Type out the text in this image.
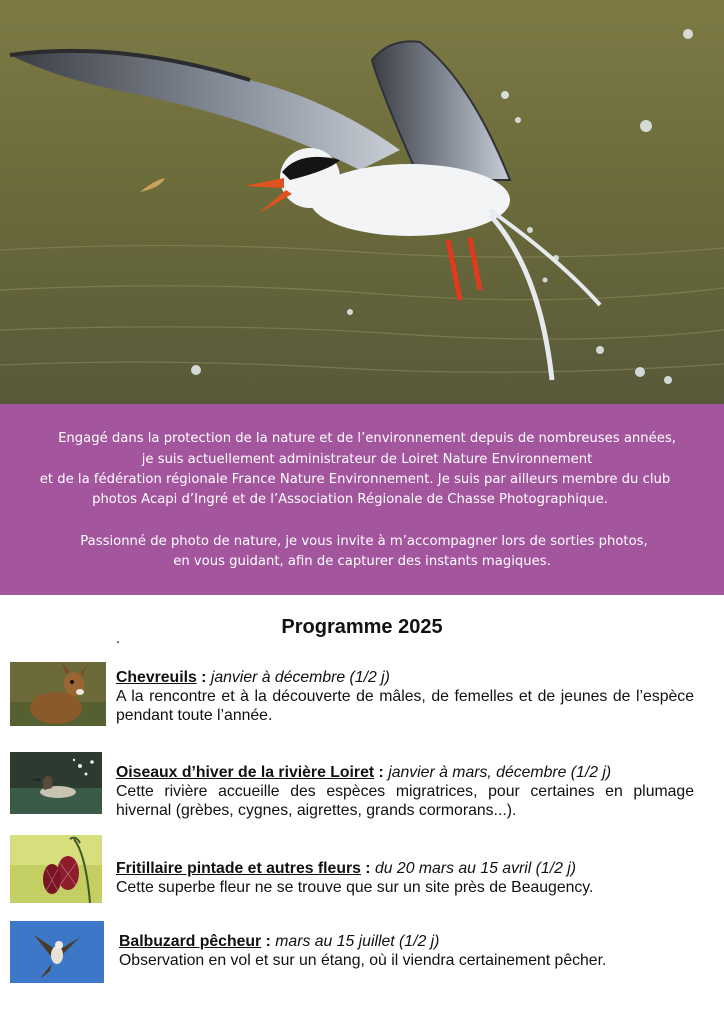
Engagé dans la protection de la nature et de l’environnement depuis de nombreuses années,

je suis actuellement administrateur de Loiret Nature Environnement

et de la fédération régionale France Nature Environnement. Je suis par ailleurs membre du club

photos Acapi d’Ingré et de l’Association Régionale de Chasse Photographique.

Passionné de photo de nature, je vous invite à m’accompagner lors de sorties photos,

en vous guidant, afin de capturer des instants magiques.

Programme 2025
.
Chevreuils : janvier à décembre (1/2 j)
A la rencontre et à la découverte de mâles, de femelles et de jeunes de l’espèce pendant toute l’année.
Oiseaux d’hiver de la rivière Loiret : janvier à mars, décembre (1/2 j)
Cette rivière accueille des espèces migratrices, pour certaines en plumage hivernal (grèbes, cygnes, aigrettes, grands cormorans...).
Fritillaire pintade et autres fleurs : du 20 mars au 15 avril (1/2 j)
Cette superbe fleur ne se trouve que sur un site près de Beaugency.
Balbuzard pêcheur : mars au 15 juillet (1/2 j)
Observation en vol et sur un étang, où il viendra certainement pêcher.
